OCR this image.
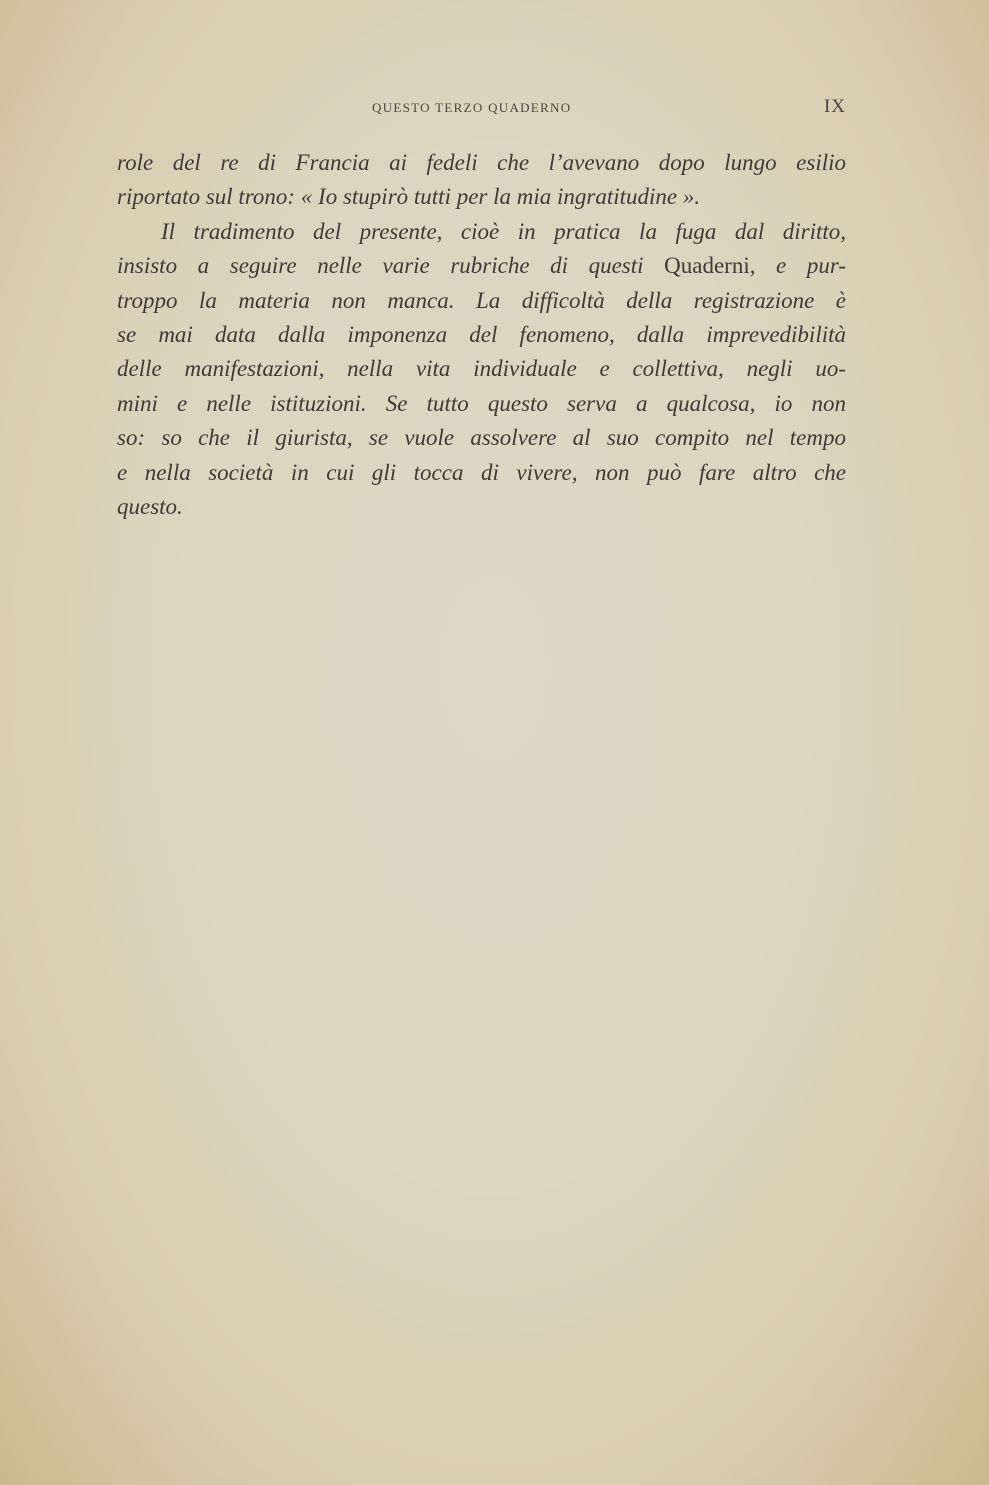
QUESTO TERZO QUADERNO	IX
role del re di Francia ai fedeli che l’avevano dopo lungo esilio
riportato sul trono: « Io stupirò tutti per la mia ingratitudine ».
Il tradimento del presente, cioè in pratica la fuga dal diritto,
insisto a seguire nelle varie rubriche di questi Quaderni, e pur-
troppo la materia non manca. La difficoltà della registrazione è
se mai data dalla imponenza del fenomeno, dalla imprevedibilità
delle manifestazioni, nella vita individuale e collettiva, negli uo-
mini e nelle istituzioni. Se tutto questo serva a qualcosa, io non
so: so che il giurista, se vuole assolvere al suo compito nel tempo
e nella società in cui gli tocca di vivere, non può fare altro che
questo.
